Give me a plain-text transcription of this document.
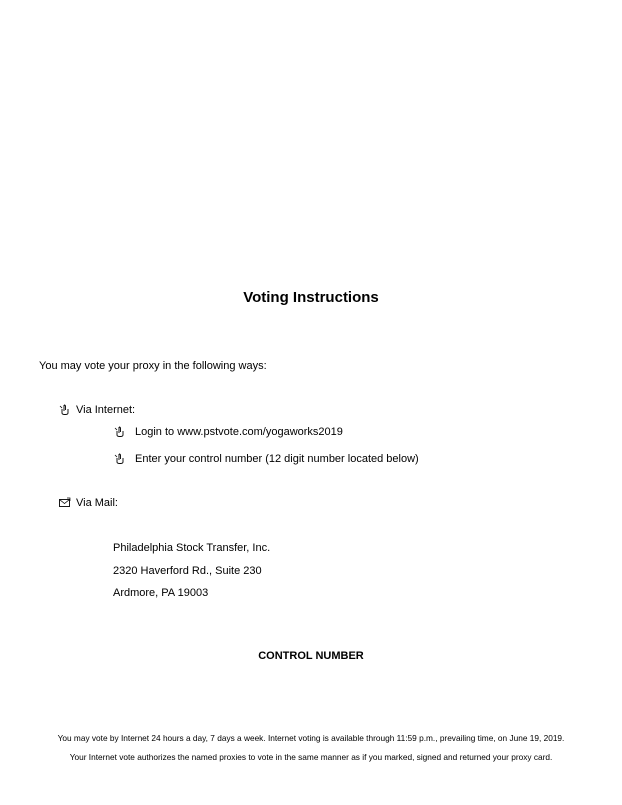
Voting Instructions
You may vote your proxy in the following ways:
Via Internet:
Login to www.pstvote.com/yogaworks2019
Enter your control number (12 digit number located below)
Via Mail:
Philadelphia Stock Transfer, Inc.
2320 Haverford Rd., Suite 230
Ardmore, PA 19003
CONTROL NUMBER
You may vote by Internet 24 hours a day, 7 days a week. Internet voting is available through 11:59 p.m., prevailing time, on June 19, 2019.
Your Internet vote authorizes the named proxies to vote in the same manner as if you marked, signed and returned your proxy card.
